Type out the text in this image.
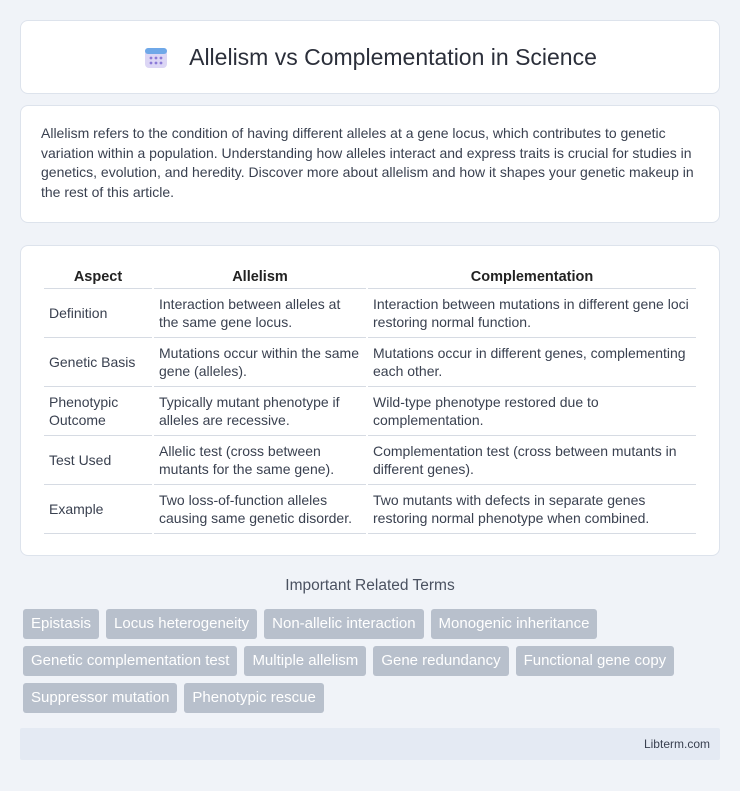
Allelism vs Complementation in Science

Allelism refers to the condition of having different alleles at a gene locus, which contributes to genetic variation within a population. Understanding how alleles interact and express traits is crucial for studies in genetics, evolution, and heredity. Discover more about allelism and how it shapes your genetic makeup in the rest of this article.

Aspect	Allelism	Complementation
Definition	Interaction between alleles at the same gene locus.	Interaction between mutations in different gene loci restoring normal function.
Genetic Basis	Mutations occur within the same gene (alleles).	Mutations occur in different genes, complementing each other.
Phenotypic Outcome	Typically mutant phenotype if alleles are recessive.	Wild-type phenotype restored due to complementation.
Test Used	Allelic test (cross between mutants for the same gene).	Complementation test (cross between mutants in different genes).
Example	Two loss-of-function alleles causing same genetic disorder.	Two mutants with defects in separate genes restoring normal phenotype when combined.
Important Related Terms
Epistasis	Locus heterogeneity	Non-allelic interaction	Monogenic inheritance
Genetic complementation test	Multiple allelism	Gene redundancy	Functional gene copy
Suppressor mutation	Phenotypic rescue
Libterm.com
